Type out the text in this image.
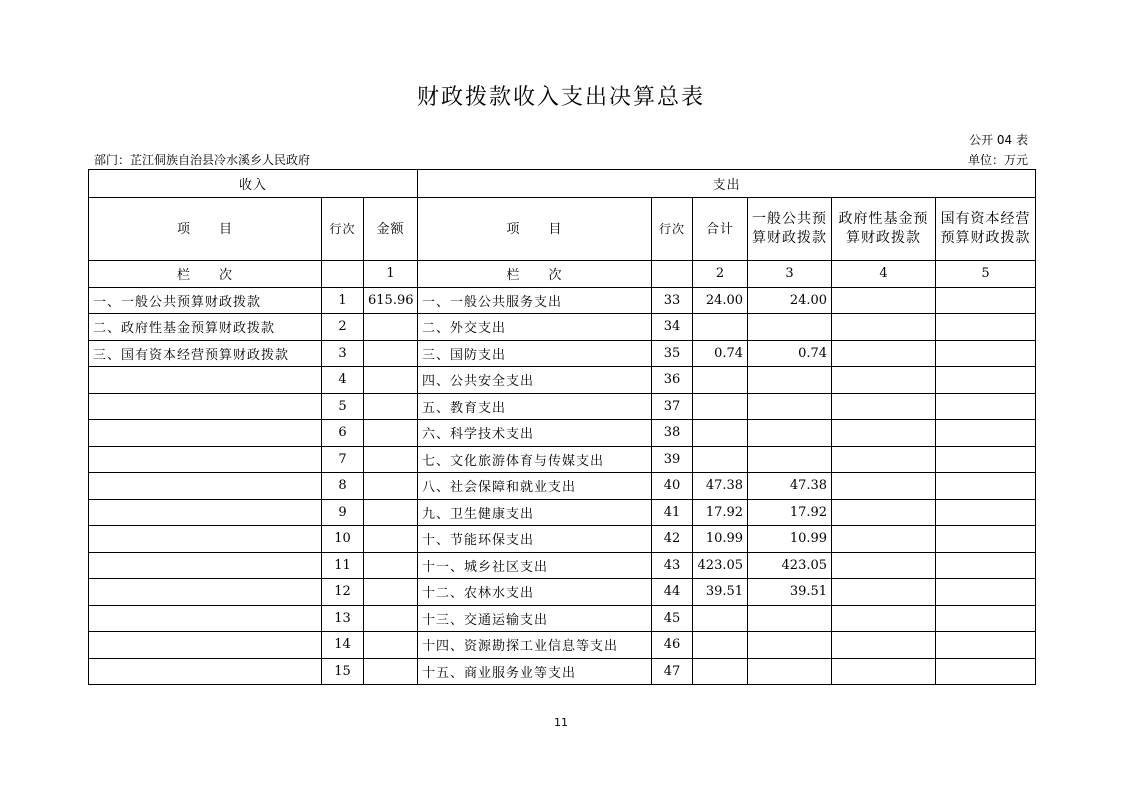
财政拨款收入支出决算总表
公开 04 表
部门：芷江侗族自治县冷水溪乡人民政府	单位：万元
收入			支出					
项　　目	行次	金额	项　　目	行次	合计	一般公共预算财政拨款	政府性基金预算财政拨款	国有资本经营预算财政拨款
栏　　次		1	栏　　次		2	3	4	5
一、一般公共预算财政拨款	1	615.96	一、一般公共服务支出	33	24.00	24.00		
二、政府性基金预算财政拨款	2		二、外交支出	34				
三、国有资本经营预算财政拨款	3		三、国防支出	35	0.74	0.74		
	4		四、公共安全支出	36				
	5		五、教育支出	37				
	6		六、科学技术支出	38				
	7		七、文化旅游体育与传媒支出	39				
	8		八、社会保障和就业支出	40	47.38	47.38		
	9		九、卫生健康支出	41	17.92	17.92		
	10		十、节能环保支出	42	10.99	10.99		
	11		十一、城乡社区支出	43	423.05	423.05		
	12		十二、农林水支出	44	39.51	39.51		
	13		十三、交通运输支出	45				
	14		十四、资源勘探工业信息等支出	46				
	15		十五、商业服务业等支出	47				
11
